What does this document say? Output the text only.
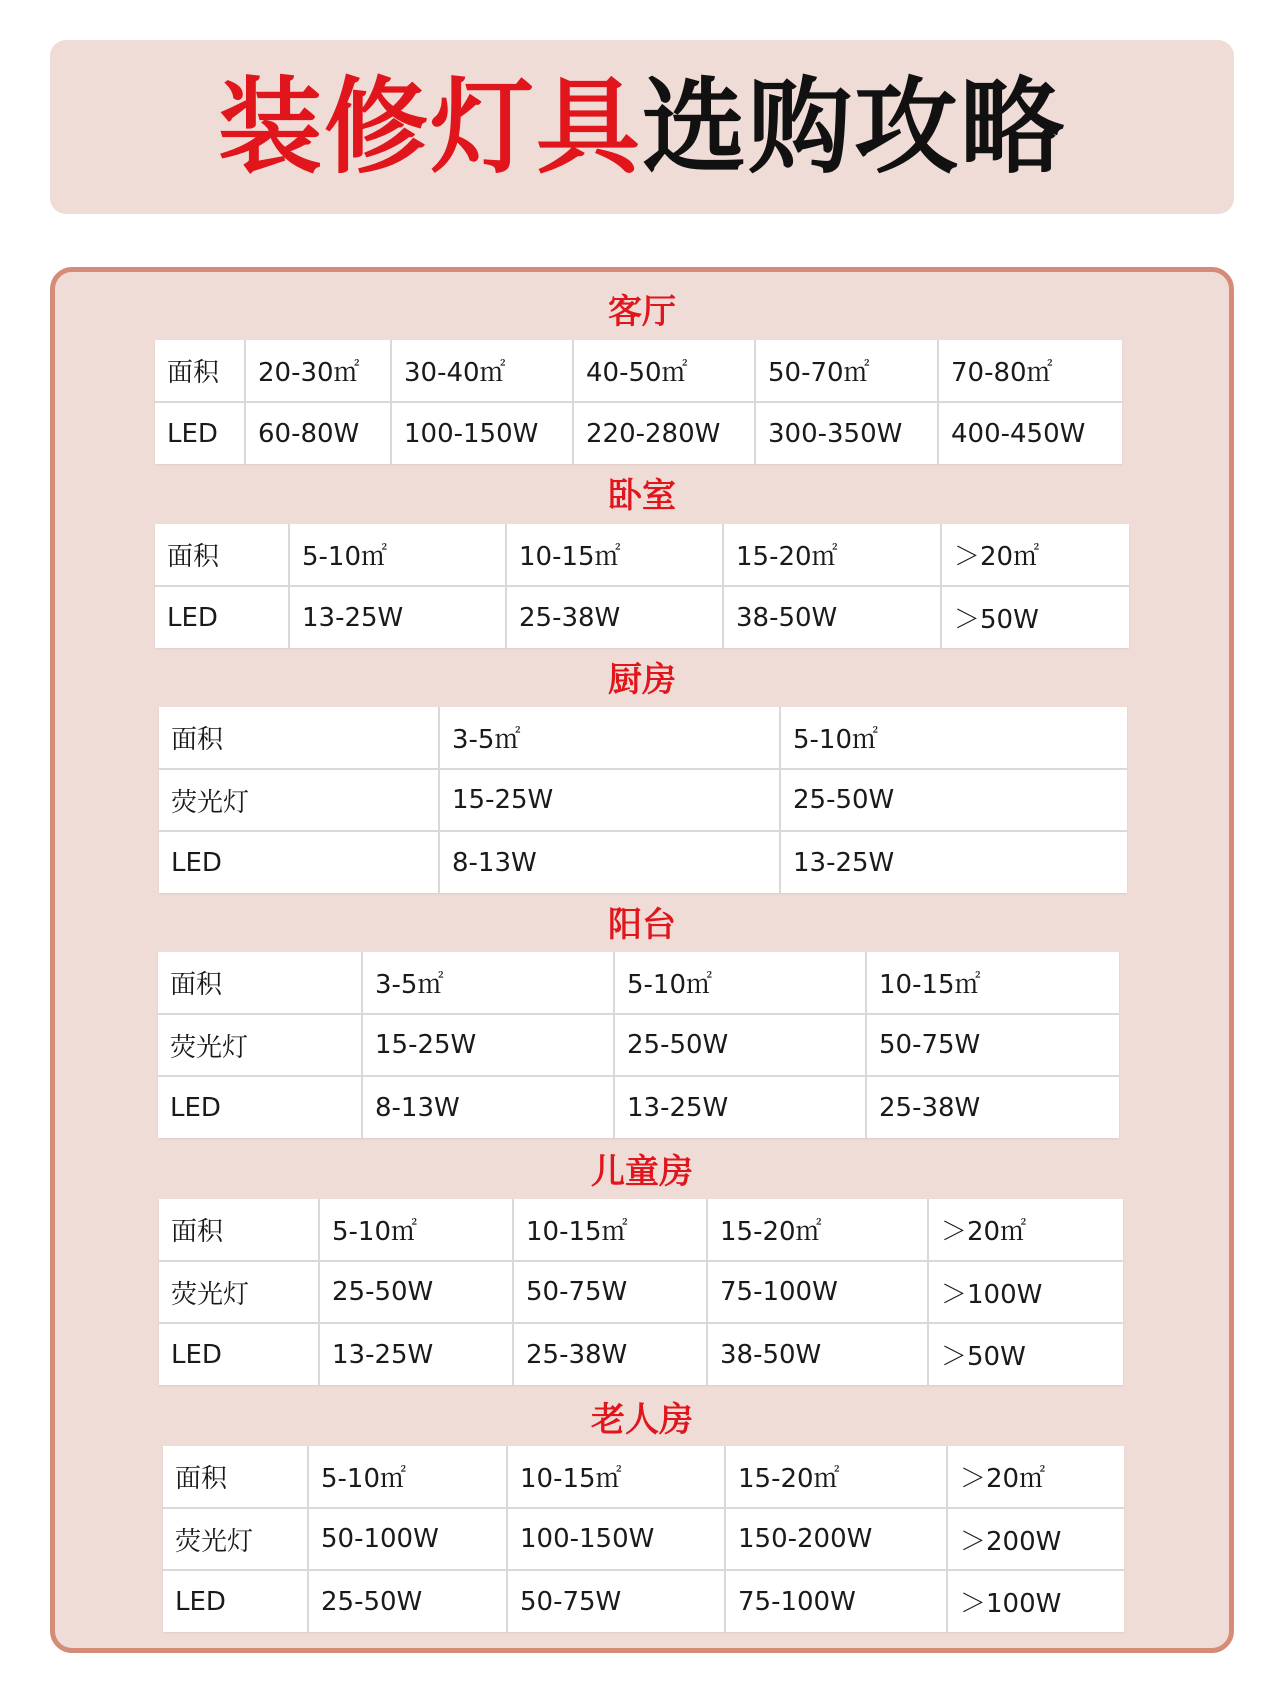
装修灯具选购攻略
客厅
面积	20-30㎡	30-40㎡	40-50㎡	50-70㎡	70-80㎡
LED	60-80W	100-150W	220-280W	300-350W	400-450W
卧室
面积	5-10㎡	10-15㎡	15-20㎡	＞20㎡
LED	13-25W	25-38W	38-50W	＞50W
厨房
面积	3-5㎡	5-10㎡
荧光灯	15-25W	25-50W
LED	8-13W	13-25W
阳台
面积	3-5㎡	5-10㎡	10-15㎡
荧光灯	15-25W	25-50W	50-75W
LED	8-13W	13-25W	25-38W
儿童房
面积	5-10㎡	10-15㎡	15-20㎡	＞20㎡
荧光灯	25-50W	50-75W	75-100W	＞100W
LED	13-25W	25-38W	38-50W	＞50W
老人房
面积	5-10㎡	10-15㎡	15-20㎡	＞20㎡
荧光灯	50-100W	100-150W	150-200W	＞200W
LED	25-50W	50-75W	75-100W	＞100W
